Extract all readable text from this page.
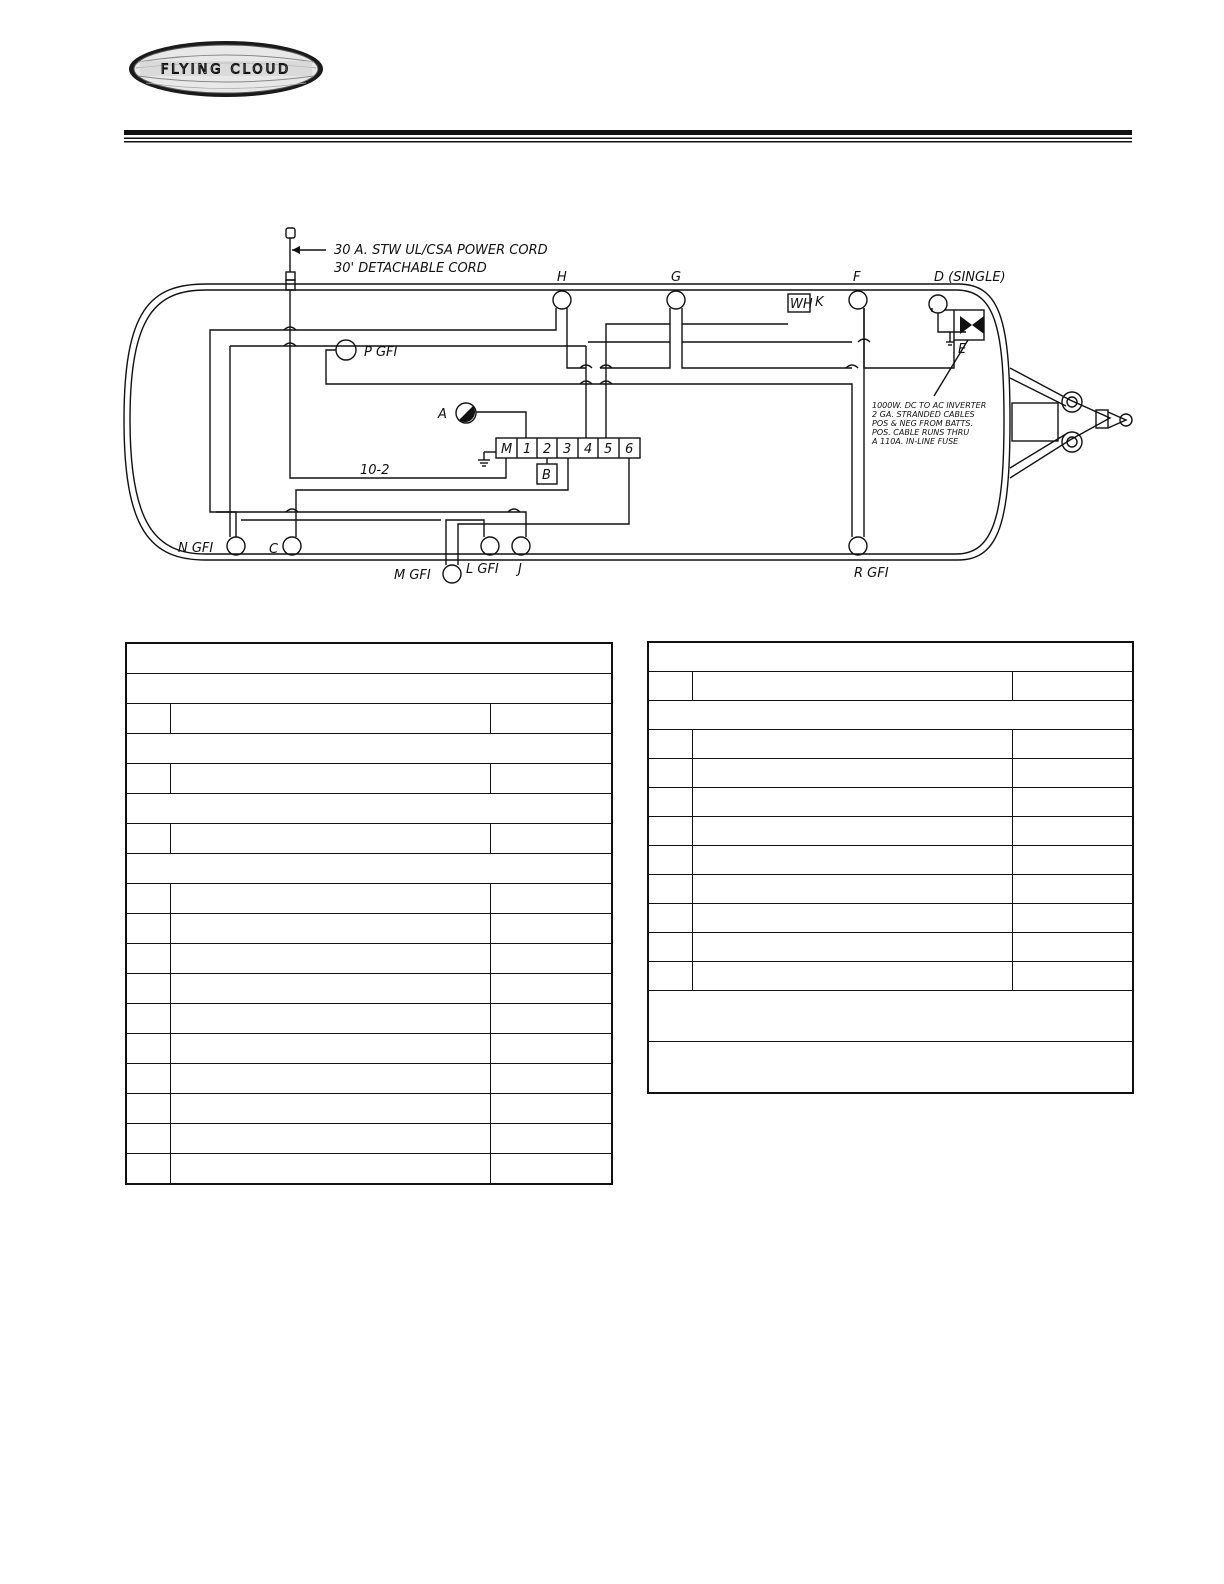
FLYING CLOUD
30 A. STW UL/CSA POWER CORD
30' DETACHABLE CORD
H	G	F	D (SINGLE)
WH K
P GFI
A
M 1 2 3 4 5 6
B
10-2
E
1000W. DC TO AC INVERTER
2 GA. STRANDED CABLES
POS & NEG FROM BATTS.
POS. CABLE RUNS THRU
A 110A. IN-LINE FUSE
N GFI	C
M GFI	L GFI J	R GFI
